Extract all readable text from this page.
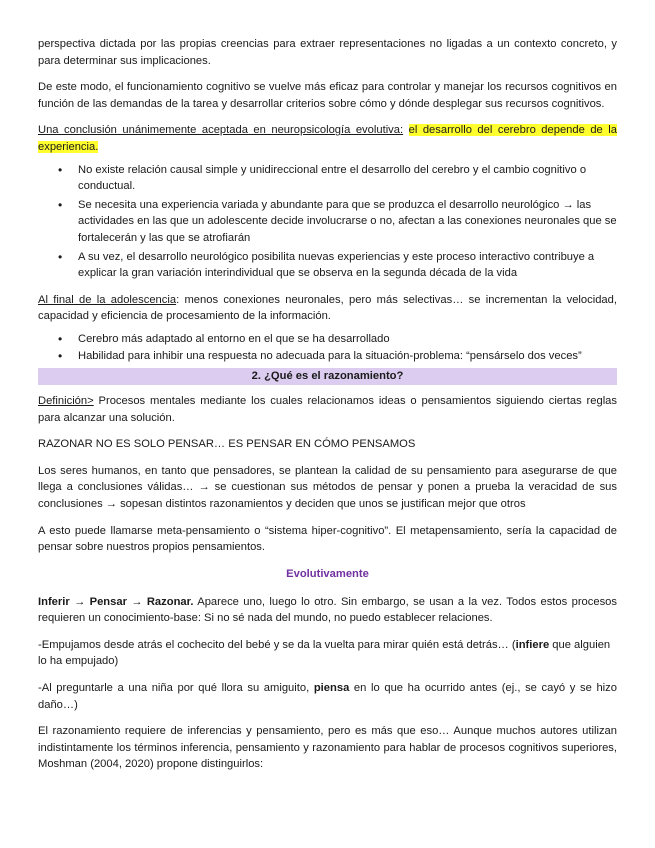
perspectiva dictada por las propias creencias para extraer representaciones no ligadas a un contexto concreto, y para determinar sus implicaciones.

De este modo, el funcionamiento cognitivo se vuelve más eficaz para controlar y manejar los recursos cognitivos en función de las demandas de la tarea y desarrollar criterios sobre cómo y dónde desplegar sus recursos cognitivos.

Una conclusión unánimemente aceptada en neuropsicología evolutiva: el desarrollo del cerebro depende de la experiencia.

• No existe relación causal simple y unidireccional entre el desarrollo del cerebro y el cambio cognitivo o conductual.
• Se necesita una experiencia variada y abundante para que se produzca el desarrollo neurológico → las actividades en las que un adolescente decide involucrarse o no, afectan a las conexiones neuronales que se fortalecerán y las que se atrofiarán
• A su vez, el desarrollo neurológico posibilita nuevas experiencias y este proceso interactivo contribuye a explicar la gran variación interindividual que se observa en la segunda década de la vida

Al final de la adolescencia: menos conexiones neuronales, pero más selectivas… se incrementan la velocidad, capacidad y eficiencia de procesamiento de la información.

• Cerebro más adaptado al entorno en el que se ha desarrollado
• Habilidad para inhibir una respuesta no adecuada para la situación-problema: “pensárselo dos veces”
2. ¿Qué es el razonamiento?

Definición> Procesos mentales mediante los cuales relacionamos ideas o pensamientos siguiendo ciertas reglas para alcanzar una solución.

RAZONAR NO ES SOLO PENSAR… ES PENSAR EN CÓMO PENSAMOS

Los seres humanos, en tanto que pensadores, se plantean la calidad de su pensamiento para asegurarse de que llega a conclusiones válidas… → se cuestionan sus métodos de pensar y ponen a prueba la veracidad de sus conclusiones → sopesan distintos razonamientos y deciden que unos se justifican mejor que otros

A esto puede llamarse meta-pensamiento o “sistema hiper-cognitivo”. El metapensamiento, sería la capacidad de pensar sobre nuestros propios pensamientos.

Evolutivamente

Inferir → Pensar → Razonar. Aparece uno, luego lo otro. Sin embargo, se usan a la vez. Todos estos procesos requieren un conocimiento-base: Si no sé nada del mundo, no puedo establecer relaciones.

-Empujamos desde atrás el cochecito del bebé y se da la vuelta para mirar quién está detrás… (infiere que alguien lo ha empujado)

-Al preguntarle a una niña por qué llora su amiguito, piensa en lo que ha ocurrido antes (ej., se cayó y se hizo daño…)

El razonamiento requiere de inferencias y pensamiento, pero es más que eso… Aunque muchos autores utilizan indistintamente los términos inferencia, pensamiento y razonamiento para hablar de procesos cognitivos superiores, Moshman (2004, 2020) propone distinguirlos:
